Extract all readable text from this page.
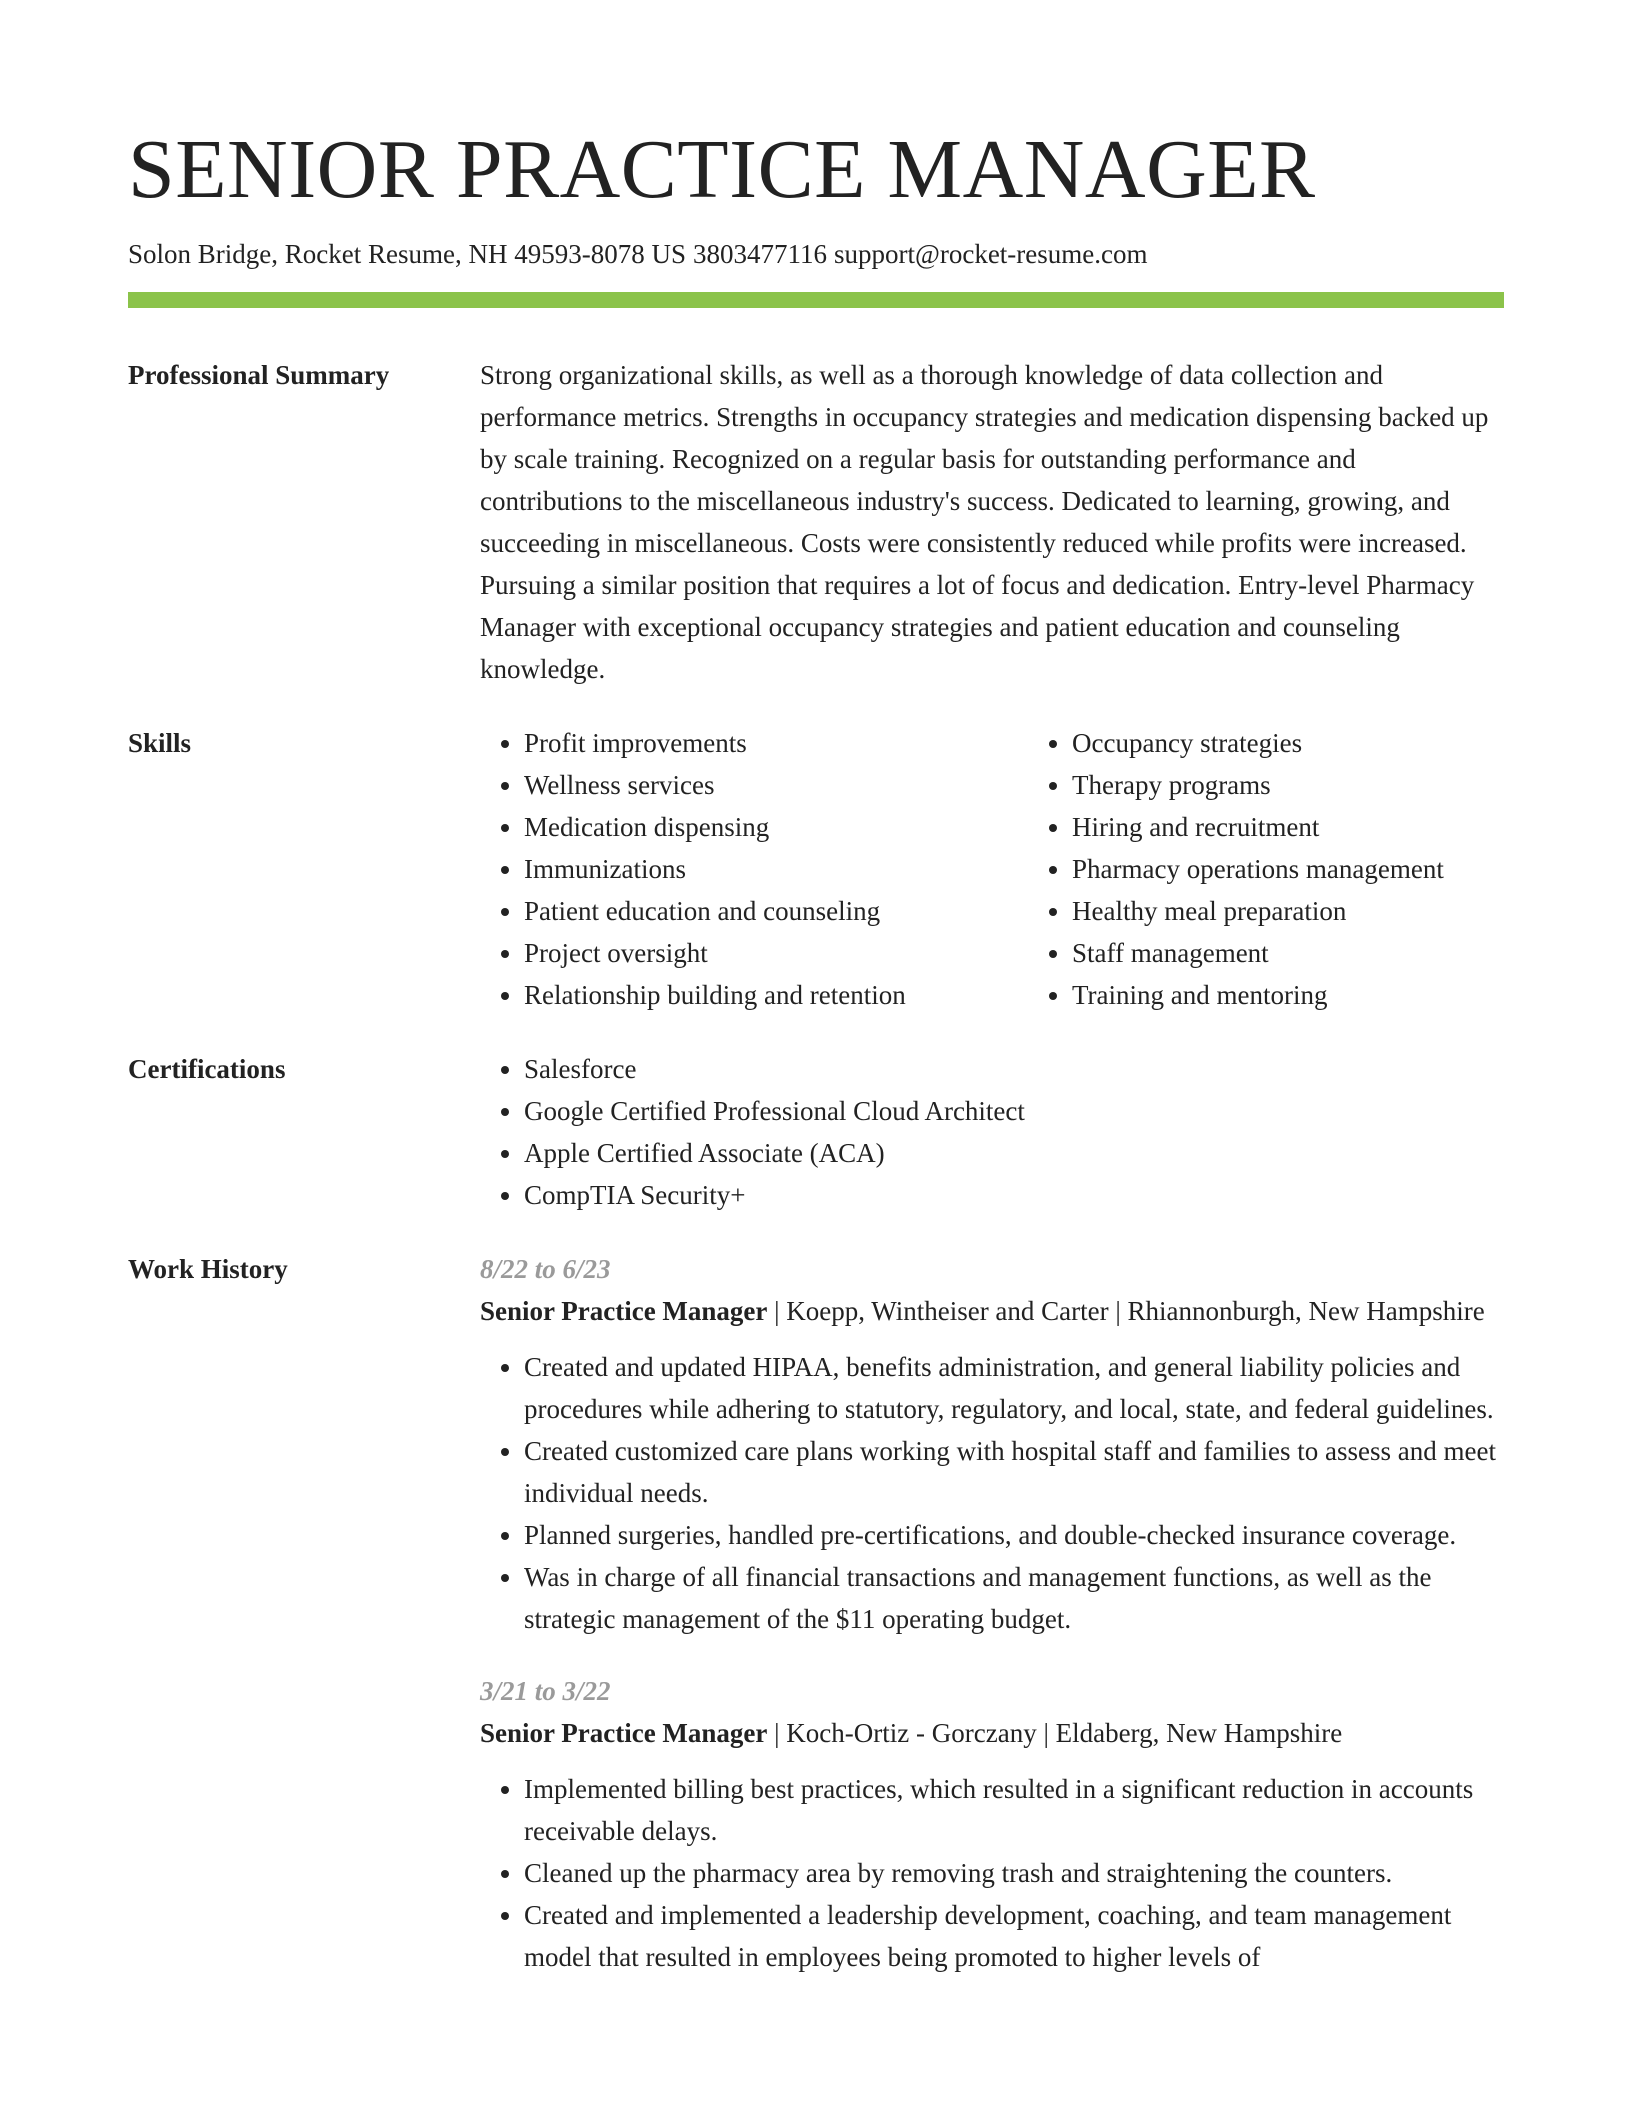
SENIOR PRACTICE MANAGER
Solon Bridge, Rocket Resume, NH 49593-8078 US 3803477116 support@rocket-resume.com
Professional Summary	Strong organizational skills, as well as a thorough knowledge of data collection and performance metrics. Strengths in occupancy strategies and medication dispensing backed up by scale training. Recognized on a regular basis for outstanding performance and contributions to the miscellaneous industry's success. Dedicated to learning, growing, and succeeding in miscellaneous. Costs were consistently reduced while profits were increased. Pursuing a similar position that requires a lot of focus and dedication. Entry-level Pharmacy Manager with exceptional occupancy strategies and patient education and counseling knowledge.

Skills	• Profit improvements
• Wellness services
• Medication dispensing
• Immunizations
• Patient education and counseling
• Project oversight
• Relationship building and retention
• Occupancy strategies
• Therapy programs
• Hiring and recruitment
• Pharmacy operations management
• Healthy meal preparation
• Staff management
• Training and mentoring
Certifications	• Salesforce
• Google Certified Professional Cloud Architect
• Apple Certified Associate (ACA)
• CompTIA Security+
Work History	8/22 to 6/23
Senior Practice Manager | Koepp, Wintheiser and Carter | Rhiannonburgh, New Hampshire
• Created and updated HIPAA, benefits administration, and general liability policies and procedures while adhering to statutory, regulatory, and local, state, and federal guidelines.
• Created customized care plans working with hospital staff and families to assess and meet individual needs.
• Planned surgeries, handled pre-certifications, and double-checked insurance coverage.
• Was in charge of all financial transactions and management functions, as well as the strategic management of the $11 operating budget.
3/21 to 3/22
Senior Practice Manager | Koch-Ortiz - Gorczany | Eldaberg, New Hampshire
• Implemented billing best practices, which resulted in a significant reduction in accounts receivable delays.
• Cleaned up the pharmacy area by removing trash and straightening the counters.
• Created and implemented a leadership development, coaching, and team management model that resulted in employees being promoted to higher levels of
